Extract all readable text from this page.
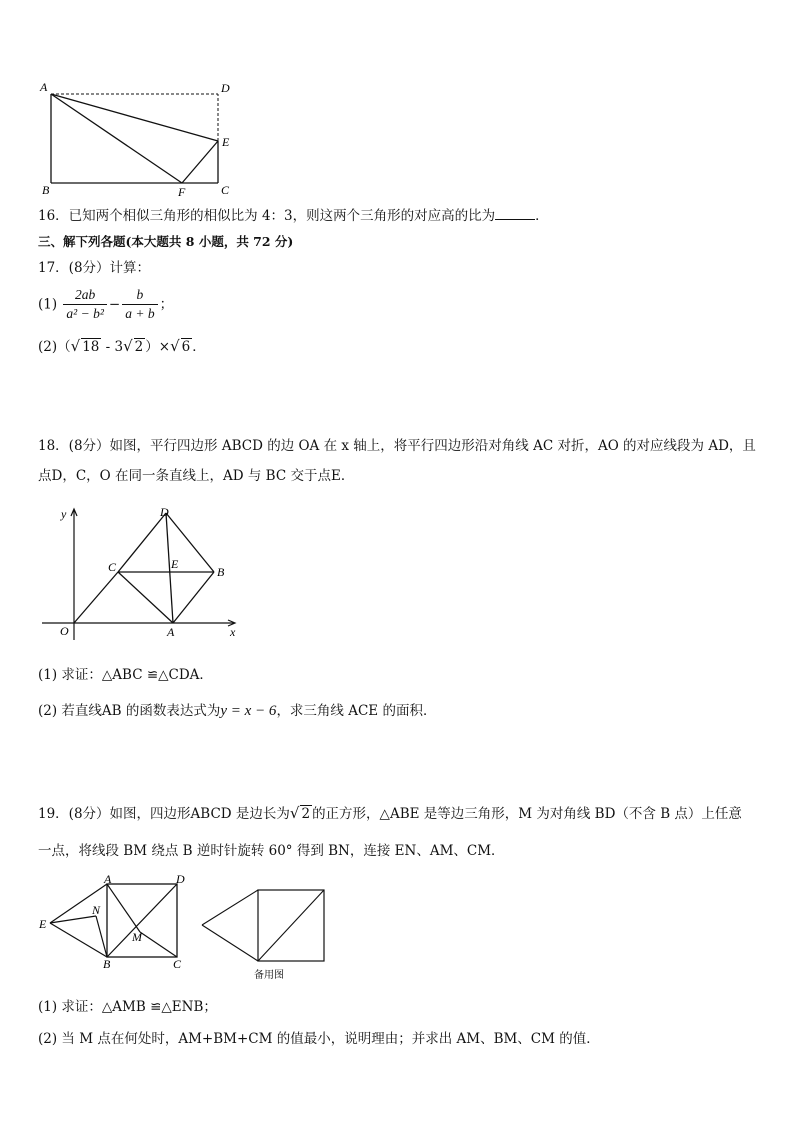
A	D
E
B	F	C
16．已知两个相似三角形的相似比为 4：3，则这两个三角形的对应高的比为	．
三、解下列各题(本大题共 8 小题，共 72 分)
17．(8分）计算：
$(1) \frac{2ab}{\text{a² − b²}} - \frac{b}{a + b}$ ；
(2)（√ 18 - 3√ 2 ）×√ 6 ．
18．(8分）如图，平行四边形 ABCD 的边 OA 在 x 轴上，将平行四边形沿对角线 AC 对折，AO 的对应线段为 AD，且
点D，C，O 在同一条直线上，AD 与 BC 交于点E．
y
x
O	A
C	E
B
D
(1) 求证：△ABC ≌△CDA．
(2) 若直线AB 的函数表达式为y = x − 6，求三角线 ACE 的面积．
19．(8分）如图，四边形ABCD 是边长为√ 2 的正方形，△ABE 是等边三角形，M 为对角线 BD（不含 B 点）上任意
一点，将线段 BM 绕点 B 逆时针旋转 60° 得到 BN，连接 EN、AM、CM．
A	D
E
N
M
B	C
备用图
(1) 求证：△AMB ≌△ENB；
(2) 当 M 点在何处时，AM+BM+CM 的值最小，说明理由；并求出 AM、BM、CM 的值．
